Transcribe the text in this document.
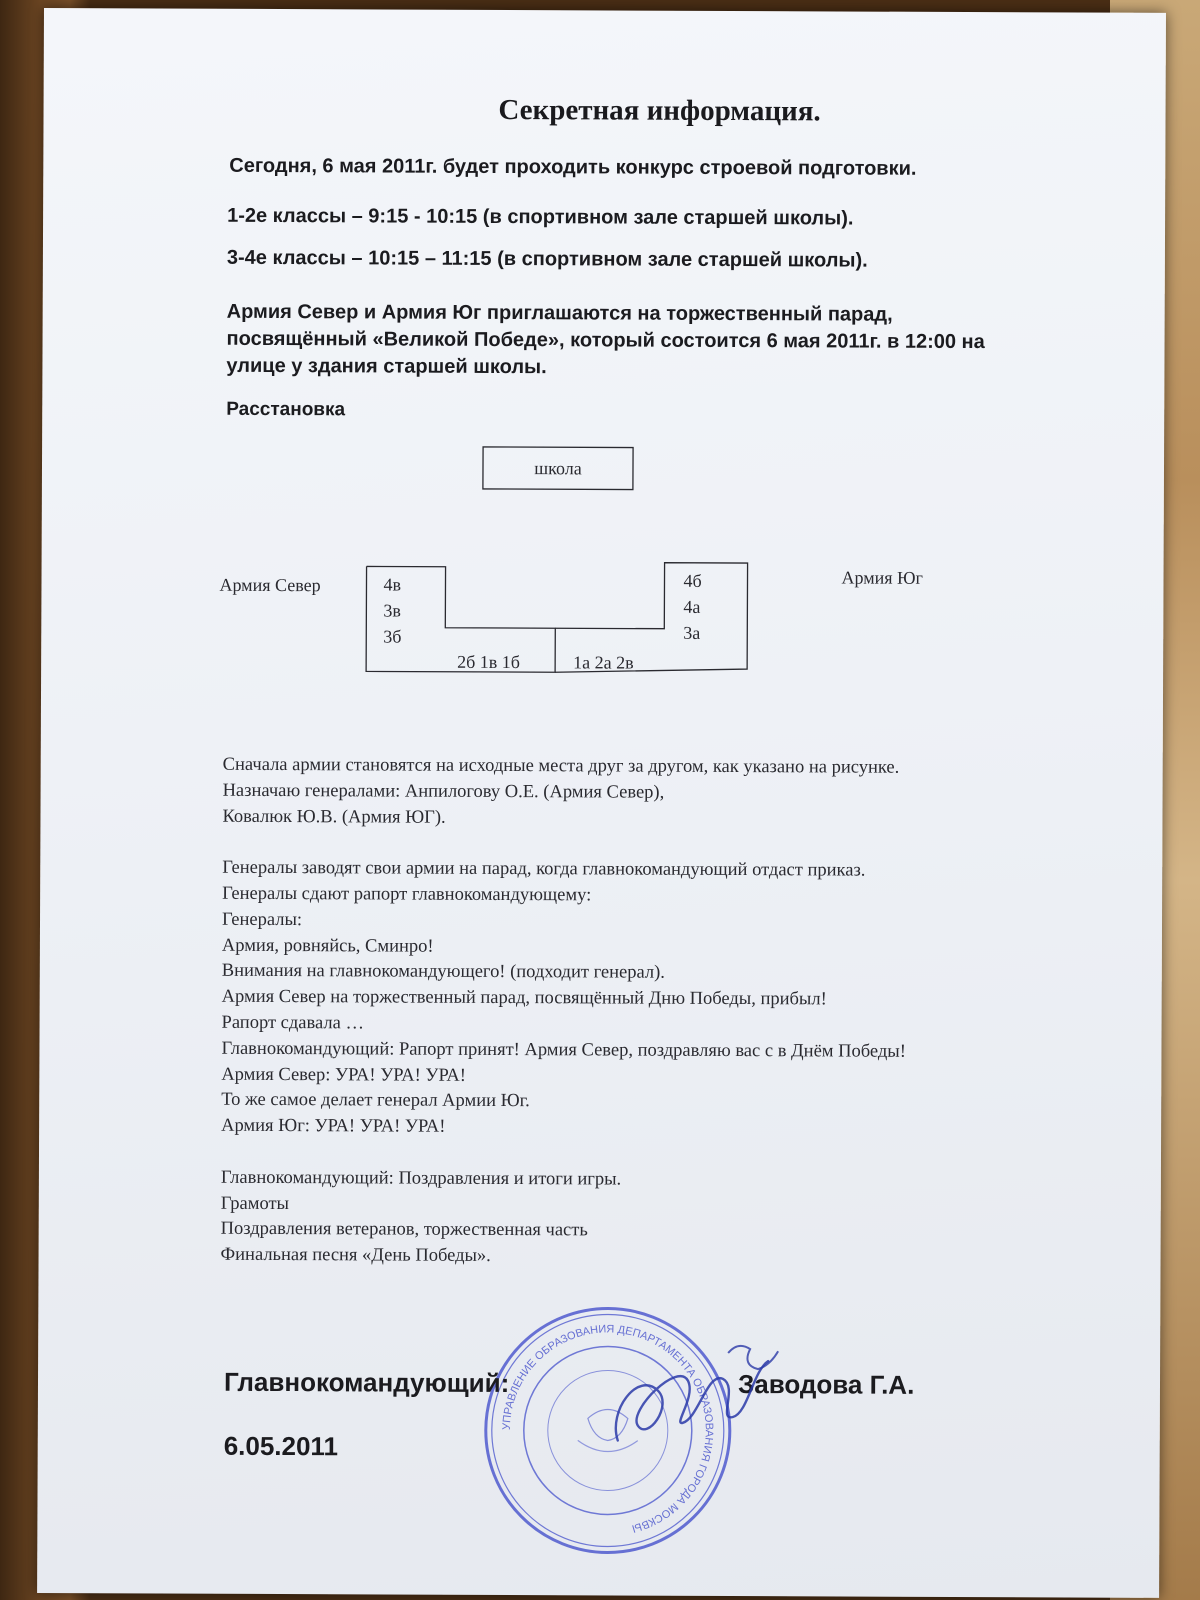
Секретная информация.
Сегодня, 6 мая 2011г. будет проходить конкурс строевой подготовки.
1-2е классы – 9:15 - 10:15 (в спортивном зале старшей школы).
3-4е классы – 10:15 – 11:15 (в спортивном зале старшей школы).
Армия Север и Армия Юг приглашаются на торжественный парад,
посвящённый «Великой Победе», который состоится 6 мая 2011г. в 12:00 на
улице у здания старшей школы.
Расстановка
школа
Армия Север	4в
3в
3б
4б
4а
3а
2б 1в 1б	1а 2а 2в
Армия Юг
Сначала армии становятся на исходные места друг за другом, как указано на рисунке.
Назначаю генералами: Анпилогову О.Е. (Армия Север),
Ковалюк Ю.В. (Армия ЮГ).
Генералы заводят свои армии на парад, когда главнокомандующий отдаст приказ.
Генералы сдают рапорт главнокомандующему:
Генералы:
Армия, ровняйсь, Сминро!
Внимания на главнокомандующего! (подходит генерал).
Армия Север на торжественный парад, посвящённый Дню Победы, прибыл!
Рапорт сдавала …
Главнокомандующий: Рапорт принят! Армия Север, поздравляю вас с в Днём Победы!
Армия Север: УРА! УРА! УРА!
То же самое делает генерал Армии Юг.
Армия Юг: УРА! УРА! УРА!
Главнокомандующий: Поздравления и итоги игры.
Грамоты
Поздравления ветеранов, торжественная часть
Финальная песня «День Победы».
УПРАВЛЕНИЕ ОБРАЗОВАНИЯ ДЕПАРТАМЕНТА ОБРАЗОВАНИЯ ГОРОДА МОСКВЫ
Главнокомандующий:	Заводова Г.А.
6.05.2011
